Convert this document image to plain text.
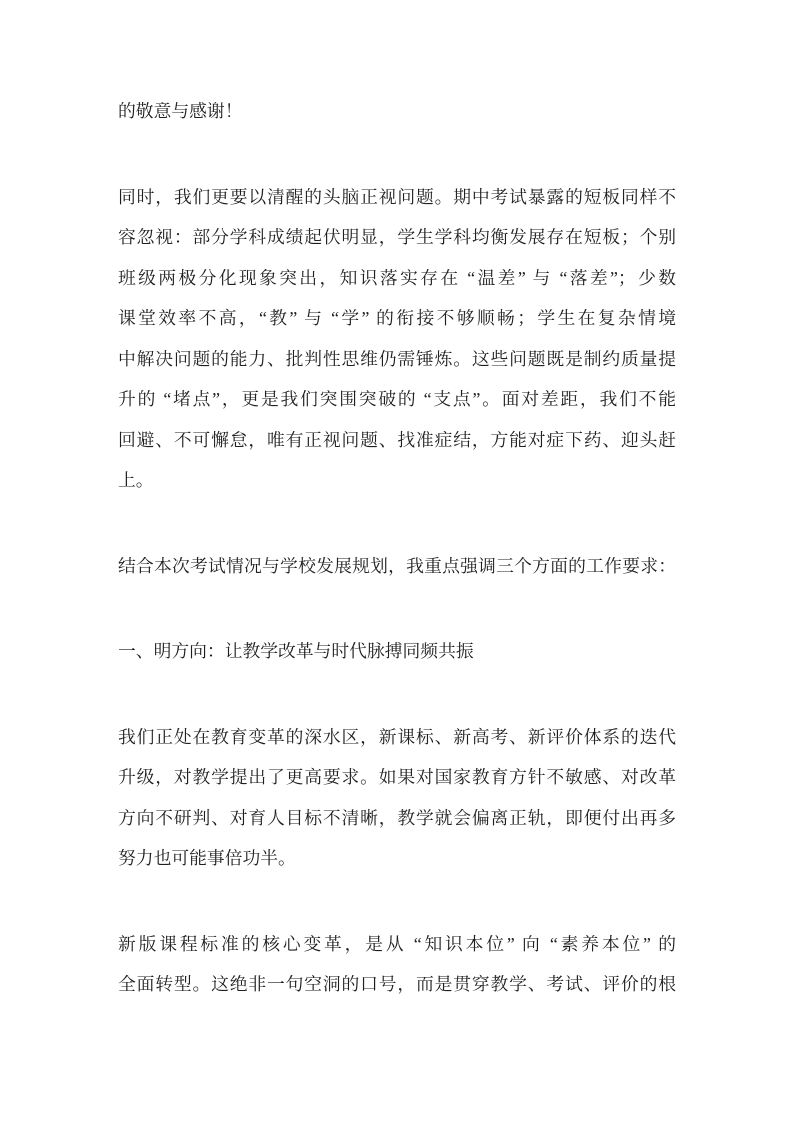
的敬意与感谢！

同时，我们更要以清醒的头脑正视问题。期中考试暴露的短板同样不
容忽视：部分学科成绩起伏明显，学生学科均衡发展存在短板；个别
班级两极分化现象突出，知识落实存在 “温差” 与 “落差”；少数
课堂效率不高，“教” 与 “学” 的衔接不够顺畅；学生在复杂情境
中解决问题的能力、批判性思维仍需锤炼。这些问题既是制约质量提
升的 “堵点”，更是我们突围突破的 “支点”。面对差距，我们不能
回避、不可懈怠，唯有正视问题、找准症结，方能对症下药、迎头赶
上。

结合本次考试情况与学校发展规划，我重点强调三个方面的工作要求：

一、明方向：让教学改革与时代脉搏同频共振

我们正处在教育变革的深水区，新课标、新高考、新评价体系的迭代
升级，对教学提出了更高要求。如果对国家教育方针不敏感、对改革
方向不研判、对育人目标不清晰，教学就会偏离正轨，即便付出再多
努力也可能事倍功半。

新版课程标准的核心变革，是从 “知识本位” 向 “素养本位” 的
全面转型。这绝非一句空洞的口号，而是贯穿教学、考试、评价的根
